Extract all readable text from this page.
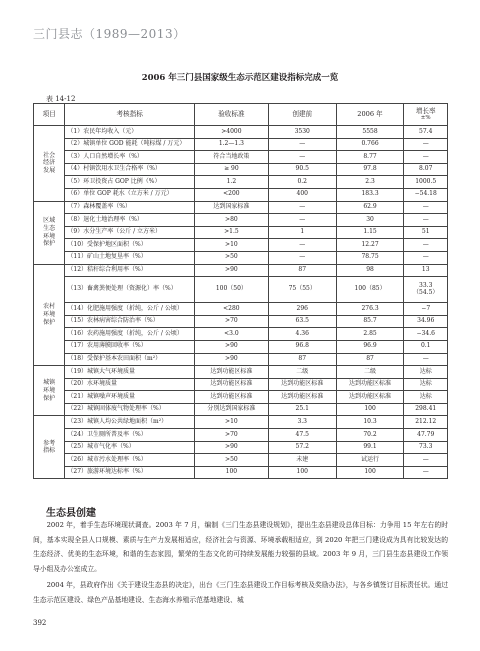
三门县志（1989—2013）
2006 年三门县国家级生态示范区建设指标完成一览
表 14-12
项目	考核指标	验收标准	创建前	2006 年	增长率
±%

社会
经济
发展	（1）农民年均收入（元）	>4000	3530	5558	57.4
	（2）城镇单位 GOD 能耗（吨标煤 / 万元）	1.2—1.3	—	0.766	—
	（3）人口自然增长率（%）	符合当地政策	—	8.77	—
	（4）村镇饮用水卫生合格率（%）	≥ 90	90.5	97.8	8.07
	（5）环卫投资占 GOP 比例（%）	1.2	0.2	2.3	1000.5
	（6）单位 GOP 耗水（立方米 / 万元）	<200	400	183.3	−54.18

区域
生态
环境
保护	（7）森林覆盖率（%）	达到国家标准	—	62.9	—
	（8）退化土地治理率（%）	>80	—	30	—
	（9）水分生产率（公斤 / 立方米）	>1.5	1	1.15	51
	（10）受保护地区面积（%）	>10	—	12.27	—
	（11）矿山土地复垦率（%）	>50	—	78.75	—

农村
环境
保护	（12）秸秆综合利用率（%）	>90	87	98	13
	（13）畜禽粪便处理（资源化）率（%）	100（50）	75（55）	100（85）	33.3
（54.5）

	（14）化肥施用强度（折纯，公斤 / 公顷）	<280	296	276.3	−7
	（15）农林病害综合防治率（%）	>70	63.5	85.7	34.96
	（16）农药施用强度（折纯，公斤 / 公顷）	<3.0	4.36	2.85	−34.6
	（17）农用薄膜回收率（%）	>90	96.8	96.9	0.1
	（18）受保护基本农田面积（m²）	>90	87	87	—

城镇
环境
保护	（19）城镇大气环境质量	达到功能区标准	二级	二级	达标
	（20）水环境质量	达到功能区标准	达到功能区标准	达到功能区标准	达标
	（21）城镇噪声环境质量	达到功能区标准	达到功能区标准	达到功能区标准	达标
	（22）城镇固体废气物处理率（%）	分别达到国家标准	25.1	100	298.41

参考
指标	（23）城镇人均公共绿地面积（m²）	>10	3.3	10.3	212.12
	（24）卫生厕所普及率（%）	>70	47.5	70.2	47.79
	（25）城市气化率（%）	>90	57.2	99.1	73.3
	（26）城市污水处理率（%）	>50	未建	试运行	—
	（27）旅游环境达标率（%）	100	100	100	—
生态县创建
2002 年，着手生态环境现状调查。2003 年 7 月，编制《三门生态县建设规划》，提出生态县建设总体目标：力争用 15 年左右的时间，基本实现全县人口规模、素质与生产力发展相适应，经济社会与资源、环境承载相适应，到 2020 年把三门建设成为具有比较发达的生态经济、优美的生态环境，和谐的生态家园，繁荣的生态文化的可持续发展能力较强的县域。2003 年 9 月，三门县生态县建设工作领导小组及办公室成立。
2004 年，县政府作出《关于建设生态县的决定》，出台《三门生态县建设工作目标考核及奖励办法》，与各乡镇签订目标责任状。通过生态示范区建设、绿色产品基地建设、生态海水养殖示范基地建设、城
392
